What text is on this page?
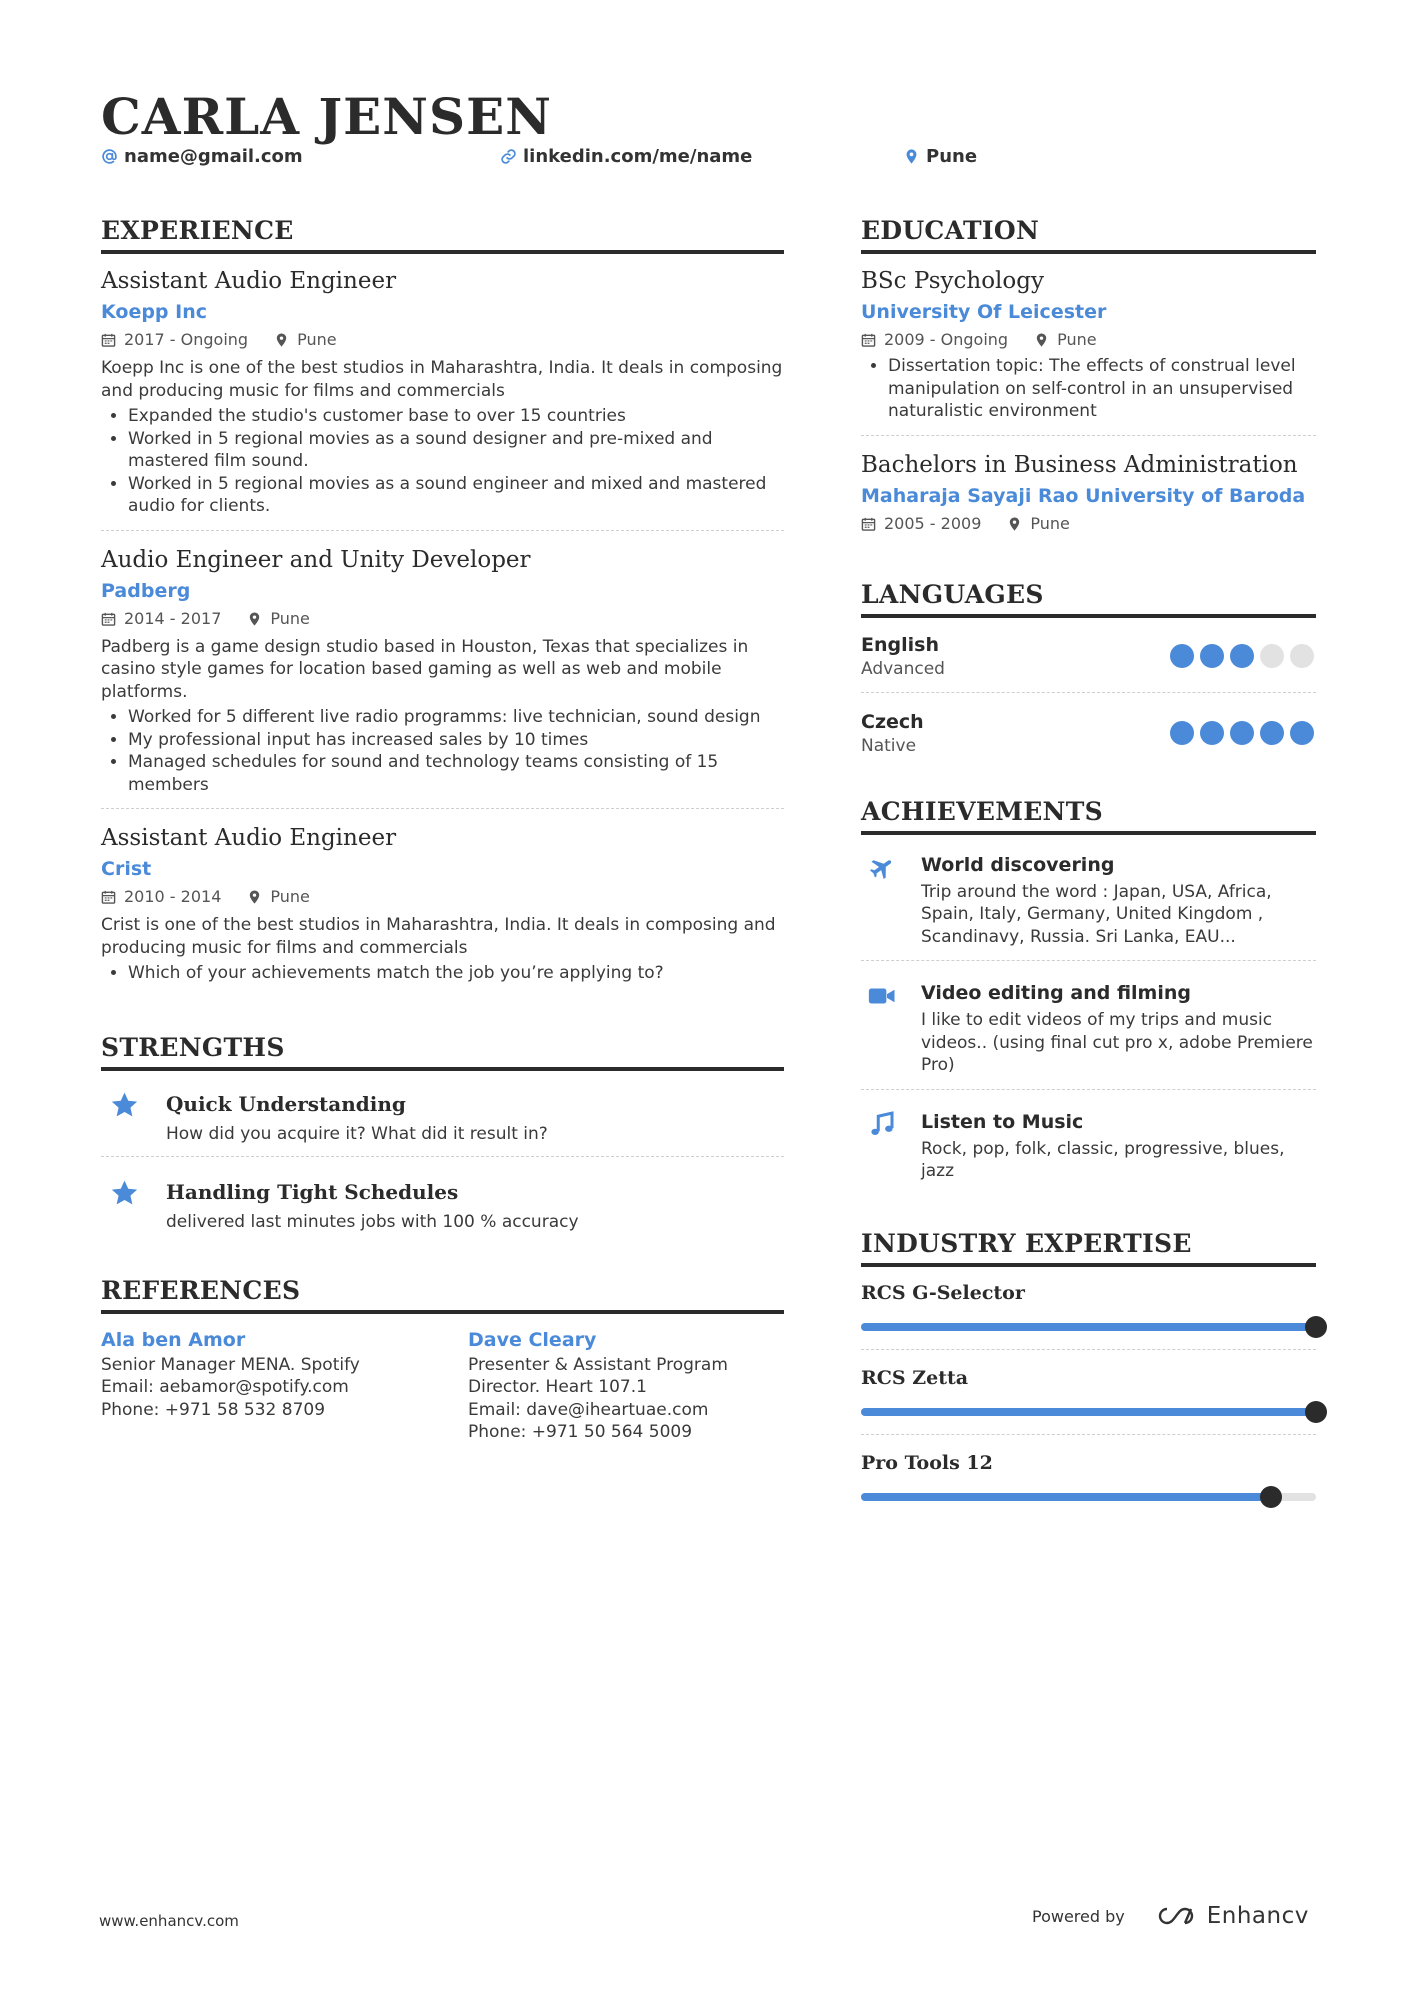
CARLA JENSEN
name@gmail.com	linkedin.com/me/name	Pune
EXPERIENCE
Assistant Audio Engineer
Koepp Inc
2017 - Ongoing	Pune
Koepp Inc is one of the best studios in Maharashtra, India. It deals in composing and producing music for films and commercials
• Expanded the studio's customer base to over 15 countries
• Worked in 5 regional movies as a sound designer and pre-mixed and mastered film sound.
• Worked in 5 regional movies as a sound engineer and mixed and mastered audio for clients.
Audio Engineer and Unity Developer
Padberg
2014 - 2017	Pune
Padberg is a game design studio based in Houston, Texas that specializes in casino style games for location based gaming as well as web and mobile platforms.
• Worked for 5 different live radio programms: live technician, sound design
• My professional input has increased sales by 10 times
• Managed schedules for sound and technology teams consisting of 15 members
Assistant Audio Engineer
Crist
2010 - 2014	Pune
Crist is one of the best studios in Maharashtra, India. It deals in composing and producing music for films and commercials
• Which of your achievements match the job you’re applying to?
STRENGTHS
Quick Understanding
How did you acquire it? What did it result in?
Handling Tight Schedules
delivered last minutes jobs with 100 % accuracy
REFERENCES
Ala ben Amor
Senior Manager MENA. Spotify
Email: aebamor@spotify.com
Phone: +971 58 532 8709
Dave Cleary
Presenter & Assistant Program Director. Heart 107.1
Email: dave@iheartuae.com
Phone: +971 50 564 5009
EDUCATION
BSc Psychology
University Of Leicester
2009 - Ongoing	Pune
• Dissertation topic: The effects of construal level manipulation on self-control in an unsupervised naturalistic environment
Bachelors in Business Administration
Maharaja Sayaji Rao University of Baroda
2005 - 2009	Pune
LANGUAGES
English
Advanced
Czech
Native
ACHIEVEMENTS
World discovering
Trip around the word : Japan, USA, Africa, Spain, Italy, Germany, United Kingdom , Scandinavy, Russia. Sri Lanka, EAU...
Video editing and filming
I like to edit videos of my trips and music videos.. (using final cut pro x, adobe Premiere Pro)
Listen to Music
Rock, pop, folk, classic, progressive, blues, jazz
INDUSTRY EXPERTISE
RCS G-Selector
RCS Zetta
Pro Tools 12
www.enhancv.com	Powered by	Enhancv
